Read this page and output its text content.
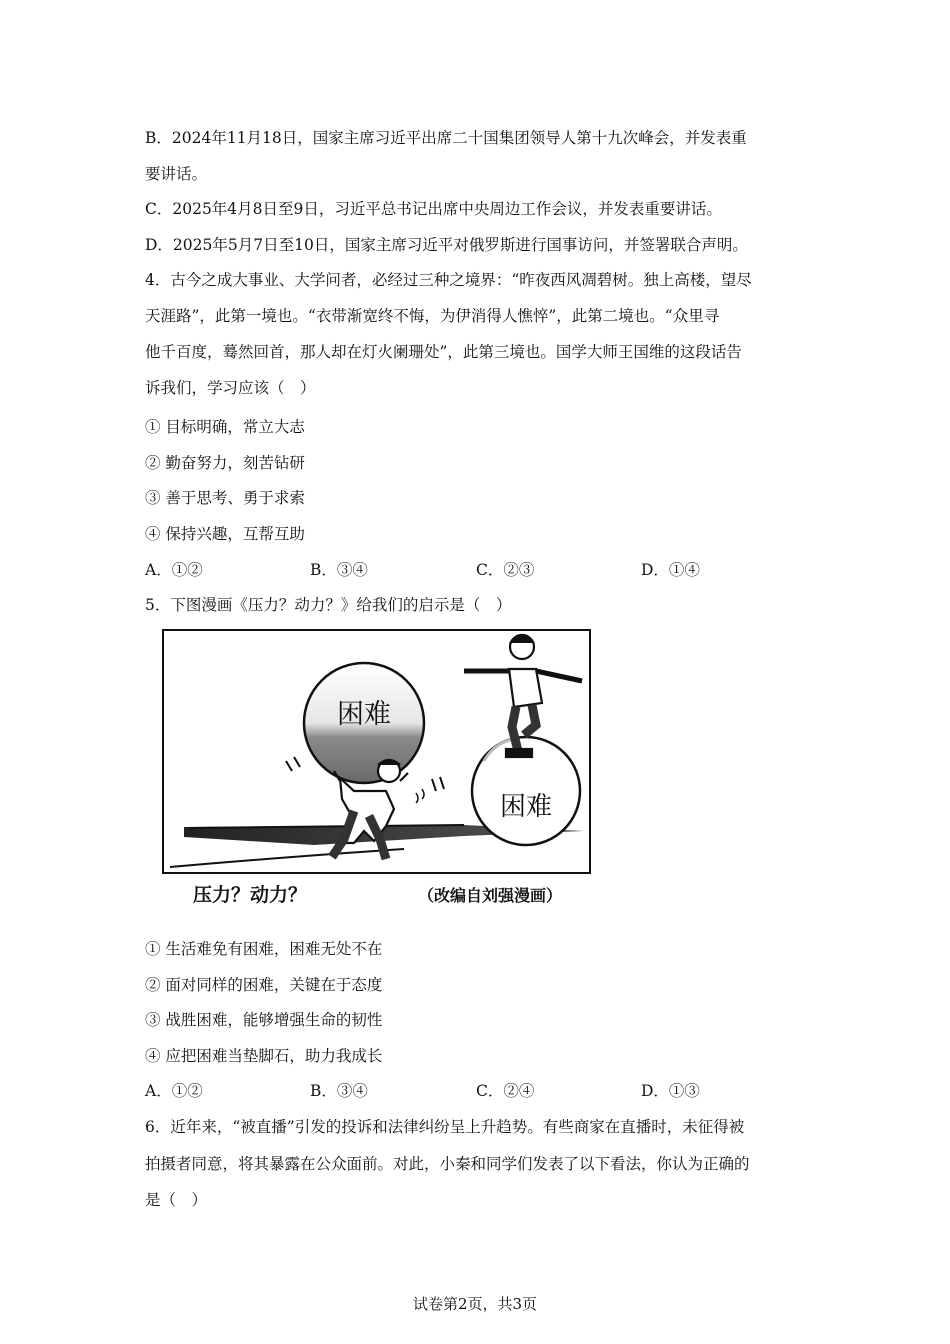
B．2024年11月18日，国家主席习近平出席二十国集团领导人第十九次峰会，并发表重
要讲话。
C．2025年4月8日至9日，习近平总书记出席中央周边工作会议，并发表重要讲话。
D．2025年5月7日至10日，国家主席习近平对俄罗斯进行国事访问，并签署联合声明。
4．古今之成大事业、大学问者，必经过三种之境界：“昨夜西风凋碧树。独上高楼，望尽
天涯路”，此第一境也。“衣带渐宽终不悔，为伊消得人憔悴”，此第二境也。“众里寻
他千百度，蓦然回首，那人却在灯火阑珊处”，此第三境也。国学大师王国维的这段话告
诉我们，学习应该（　）
① 目标明确，常立大志
② 勤奋努力，刻苦钻研
③ 善于思考、勇于求索
④ 保持兴趣，互帮互助
A．①②	B．③④	C．②③	D．①④
5．下图漫画《压力？动力？》给我们的启示是（　）
困难
困难
压力？动力？	（改编自刘强漫画）
① 生活难免有困难，困难无处不在
② 面对同样的困难，关键在于态度
③ 战胜困难，能够增强生命的韧性
④ 应把困难当垫脚石，助力我成长
A．①②	B．③④	C．②④	D．①③
6．近年来，“被直播”引发的投诉和法律纠纷呈上升趋势。有些商家在直播时，未征得被
拍摄者同意，将其暴露在公众面前。对此，小秦和同学们发表了以下看法，你认为正确的
是（　）
试卷第2页，共3页
